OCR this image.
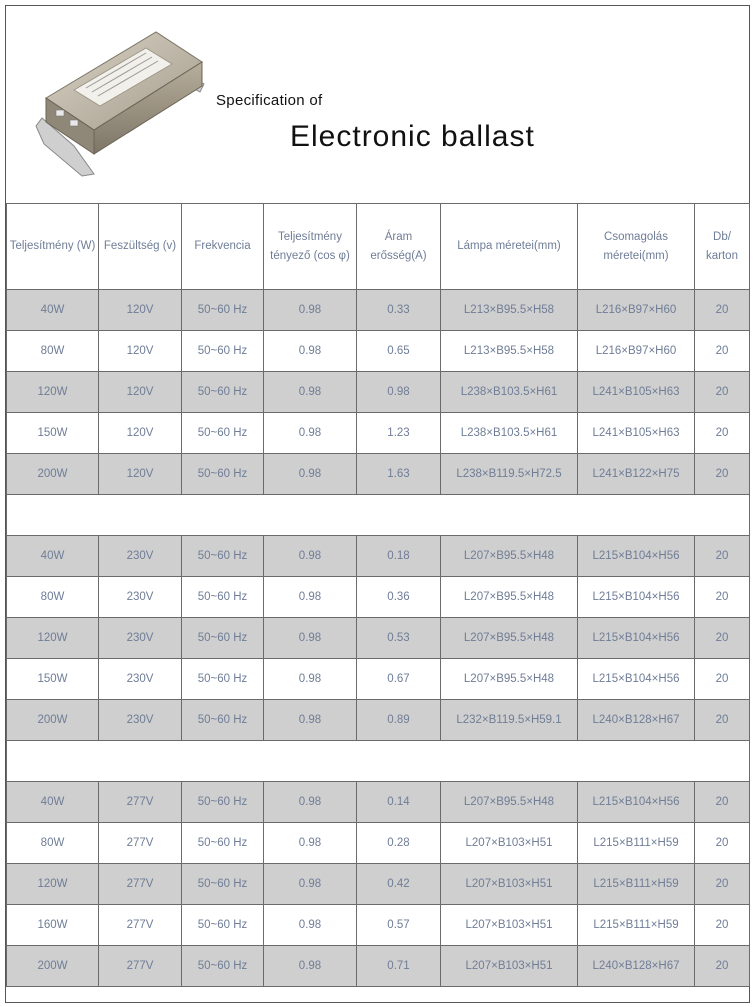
Specification of
Electronic ballast
Teljesítmény (W)	Feszültség (v)	Frekvencia	Teljesítmény tényező (cos φ)	Áram erősség(A)	Lámpa méretei(mm)	Csomagolás méretei(mm)	Db/ karton
40W	120V	50~60 Hz	0.98	0.33	L213×B95.5×H58	L216×B97×H60	20
80W	120V	50~60 Hz	0.98	0.65	L213×B95.5×H58	L216×B97×H60	20
120W	120V	50~60 Hz	0.98	0.98	L238×B103.5×H61	L241×B105×H63	20
150W	120V	50~60 Hz	0.98	1.23	L238×B103.5×H61	L241×B105×H63	20
200W	120V	50~60 Hz	0.98	1.63	L238×B119.5×H72.5	L241×B122×H75	20

40W	230V	50~60 Hz	0.98	0.18	L207×B95.5×H48	L215×B104×H56	20
80W	230V	50~60 Hz	0.98	0.36	L207×B95.5×H48	L215×B104×H56	20
120W	230V	50~60 Hz	0.98	0.53	L207×B95.5×H48	L215×B104×H56	20
150W	230V	50~60 Hz	0.98	0.67	L207×B95.5×H48	L215×B104×H56	20
200W	230V	50~60 Hz	0.98	0.89	L232×B119.5×H59.1	L240×B128×H67	20

40W	277V	50~60 Hz	0.98	0.14	L207×B95.5×H48	L215×B104×H56	20
80W	277V	50~60 Hz	0.98	0.28	L207×B103×H51	L215×B111×H59	20
120W	277V	50~60 Hz	0.98	0.42	L207×B103×H51	L215×B111×H59	20
160W	277V	50~60 Hz	0.98	0.57	L207×B103×H51	L215×B111×H59	20
200W	277V	50~60 Hz	0.98	0.71	L207×B103×H51	L240×B128×H67	20
